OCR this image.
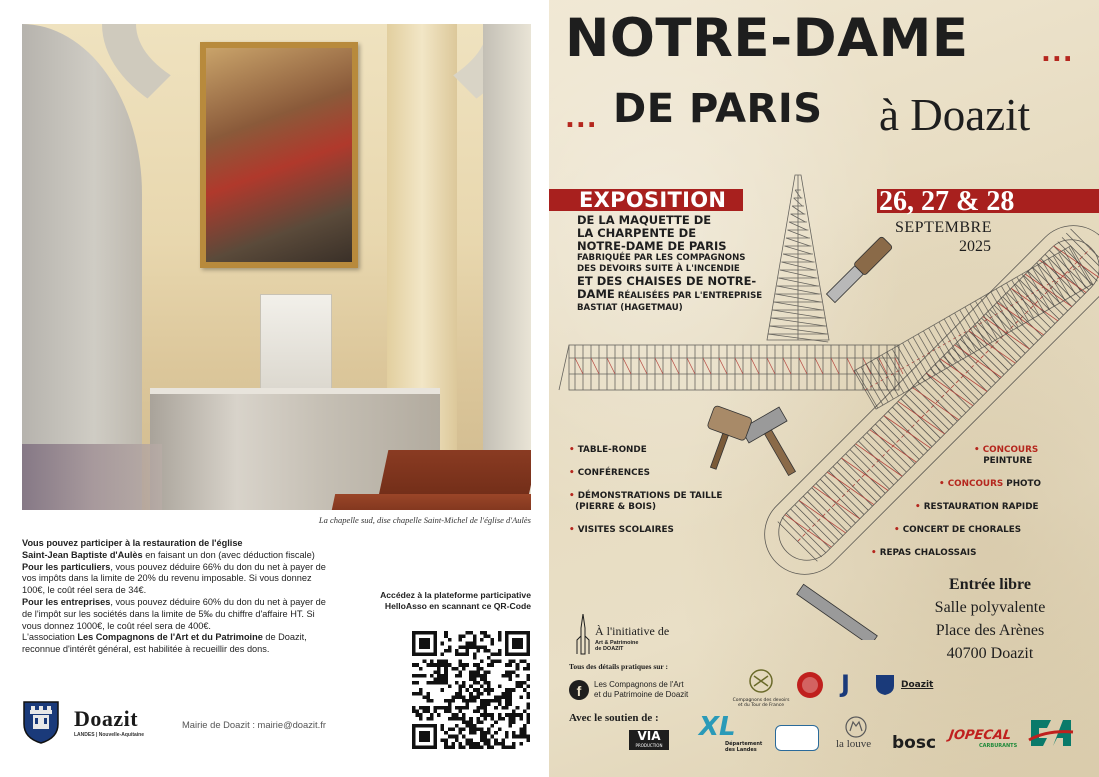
La chapelle sud, dise chapelle Saint-Michel de l'église d'Aulès

Vous pouvez participer à la restauration de l'église

Saint-Jean Baptiste d'Aulès en faisant un don (avec déduction fiscale)

Pour les particuliers, vous pouvez déduire 66% du don du net à payer de vos impôts dans la limite de 20% du revenu imposable. Si vous donnez 100€, le coût réel sera de 34€.

Pour les entreprises, vous pouvez déduire 60% du don du net à payer de de l'impôt sur les sociétés dans la limite de 5‰ du chiffre d'affaire HT. Si vous donnez 1000€, le coût réel sera de 400€.

L'association Les Compagnons de l'Art et du Patrimoine de Doazit, reconnue d'intérêt général, est habilitée à recueillir des dons.

Accédez à la plateforme participative
HelloAsso en scannant ce QR-Code
Doazit
LANDES | Nouvelle-Aquitaine
Mairie de Doazit : mairie@doazit.fr
NOTRE-DAME	...
... DE PARIS à Doazit
EXPOSITION
DE LA MAQUETTE DE
LA CHARPENTE DE
NOTRE-DAME DE PARIS
FABRIQUÉE PAR LES COMPAGNONS
DES DEVOIRS SUITE À L'INCENDIE
ET DES CHAISES DE NOTRE-
DAME RÉALISÉES PAR L'ENTREPRISE
BASTIAT (HAGETMAU)
26, 27 & 28
SEPTEMBRE
2025
• TABLE-RONDE
• CONFÉRENCES
• DÉMONSTRATIONS DE TAILLE
(PIERRE & BOIS)
• VISITES SCOLAIRES
• CONCOURS
PEINTURE
• CONCOURS PHOTO
• RESTAURATION RAPIDE
• CONCERT DE CHORALES
• REPAS CHALOSSAIS
Entrée libre
Salle polyvalente
Place des Arènes
40700 Doazit
À l'initiative de
Art & Patrimoine
de DOAZIT
Tous des détails pratiques sur :
f	Les Compagnons de l'Art
et du Patrimoine de Doazit
Avec le soutien de :
Compagnons des devoirs
et du Tour de France
J	Doazit
VIA
PRODUCTION
XL
Département
des Landes	la louve bosc JOPECAL
CARBURANTS
